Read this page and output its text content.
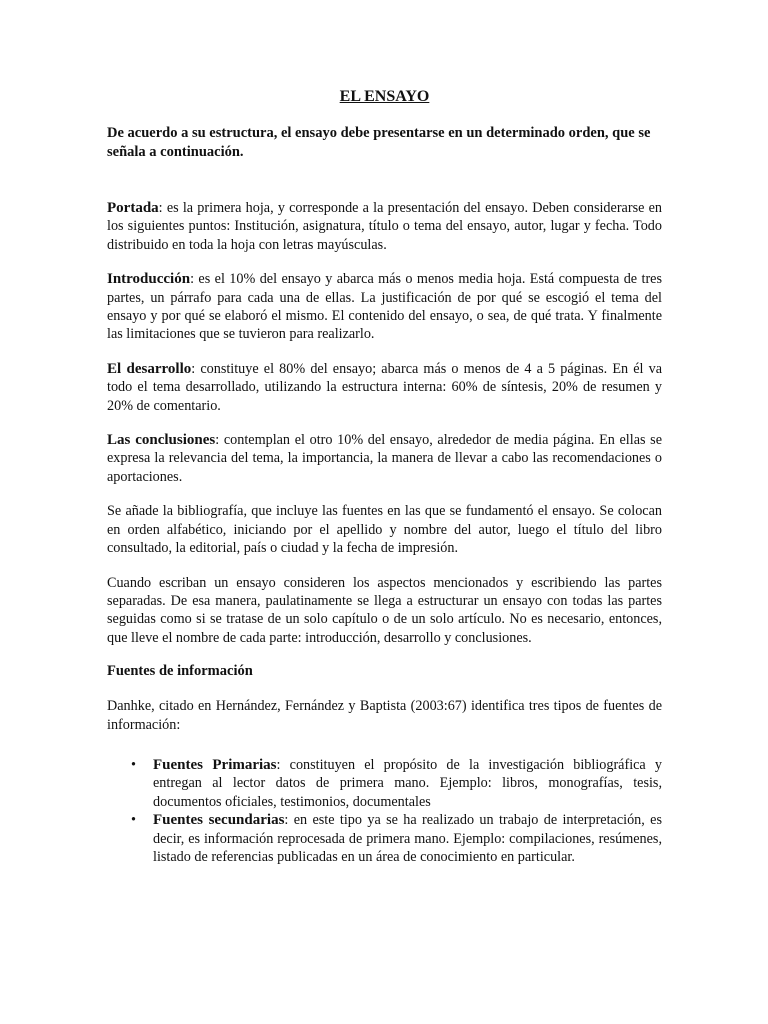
EL ENSAYO
De acuerdo a su estructura, el ensayo debe presentarse en un determinado orden, que se señala a continuación.

Portada: es la primera hoja, y corresponde a la presentación del ensayo. Deben considerarse en los siguientes puntos: Institución, asignatura, título o tema del ensayo, autor, lugar y fecha. Todo distribuido en toda la hoja con letras mayúsculas.

Introducción: es el 10% del ensayo y abarca más o menos media hoja. Está compuesta de tres partes, un párrafo para cada una de ellas. La justificación de por qué se escogió el tema del ensayo y por qué se elaboró el mismo. El contenido del ensayo, o sea, de qué trata. Y finalmente las limitaciones que se tuvieron para realizarlo.

El desarrollo: constituye el 80% del ensayo; abarca más o menos de 4 a 5 páginas. En él va todo el tema desarrollado, utilizando la estructura interna: 60% de síntesis, 20% de resumen y 20% de comentario.

Las conclusiones: contemplan el otro 10% del ensayo, alrededor de media página. En ellas se expresa la relevancia del tema, la importancia, la manera de llevar a cabo las recomendaciones o aportaciones.

Se añade la bibliografía, que incluye las fuentes en las que se fundamentó el ensayo. Se colocan en orden alfabético, iniciando por el apellido y nombre del autor, luego el título del libro consultado, la editorial, país o ciudad y la fecha de impresión.

Cuando escriban un ensayo consideren los aspectos mencionados y escribiendo las partes separadas. De esa manera, paulatinamente se llega a estructurar un ensayo con todas las partes seguidas como si se tratase de un solo capítulo o de un solo artículo. No es necesario, entonces, que lleve el nombre de cada parte: introducción, desarrollo y conclusiones.

Fuentes de información

Danhke, citado en Hernández, Fernández y Baptista (2003:67) identifica tres tipos de fuentes de información:

• Fuentes Primarias: constituyen el propósito de la investigación bibliográfica y entregan al lector datos de primera mano. Ejemplo: libros, monografías, tesis, documentos oficiales, testimonios, documentales
• Fuentes secundarias: en este tipo ya se ha realizado un trabajo de interpretación, es decir, es información reprocesada de primera mano. Ejemplo: compilaciones, resúmenes, listado de referencias publicadas en un área de conocimiento en particular.
